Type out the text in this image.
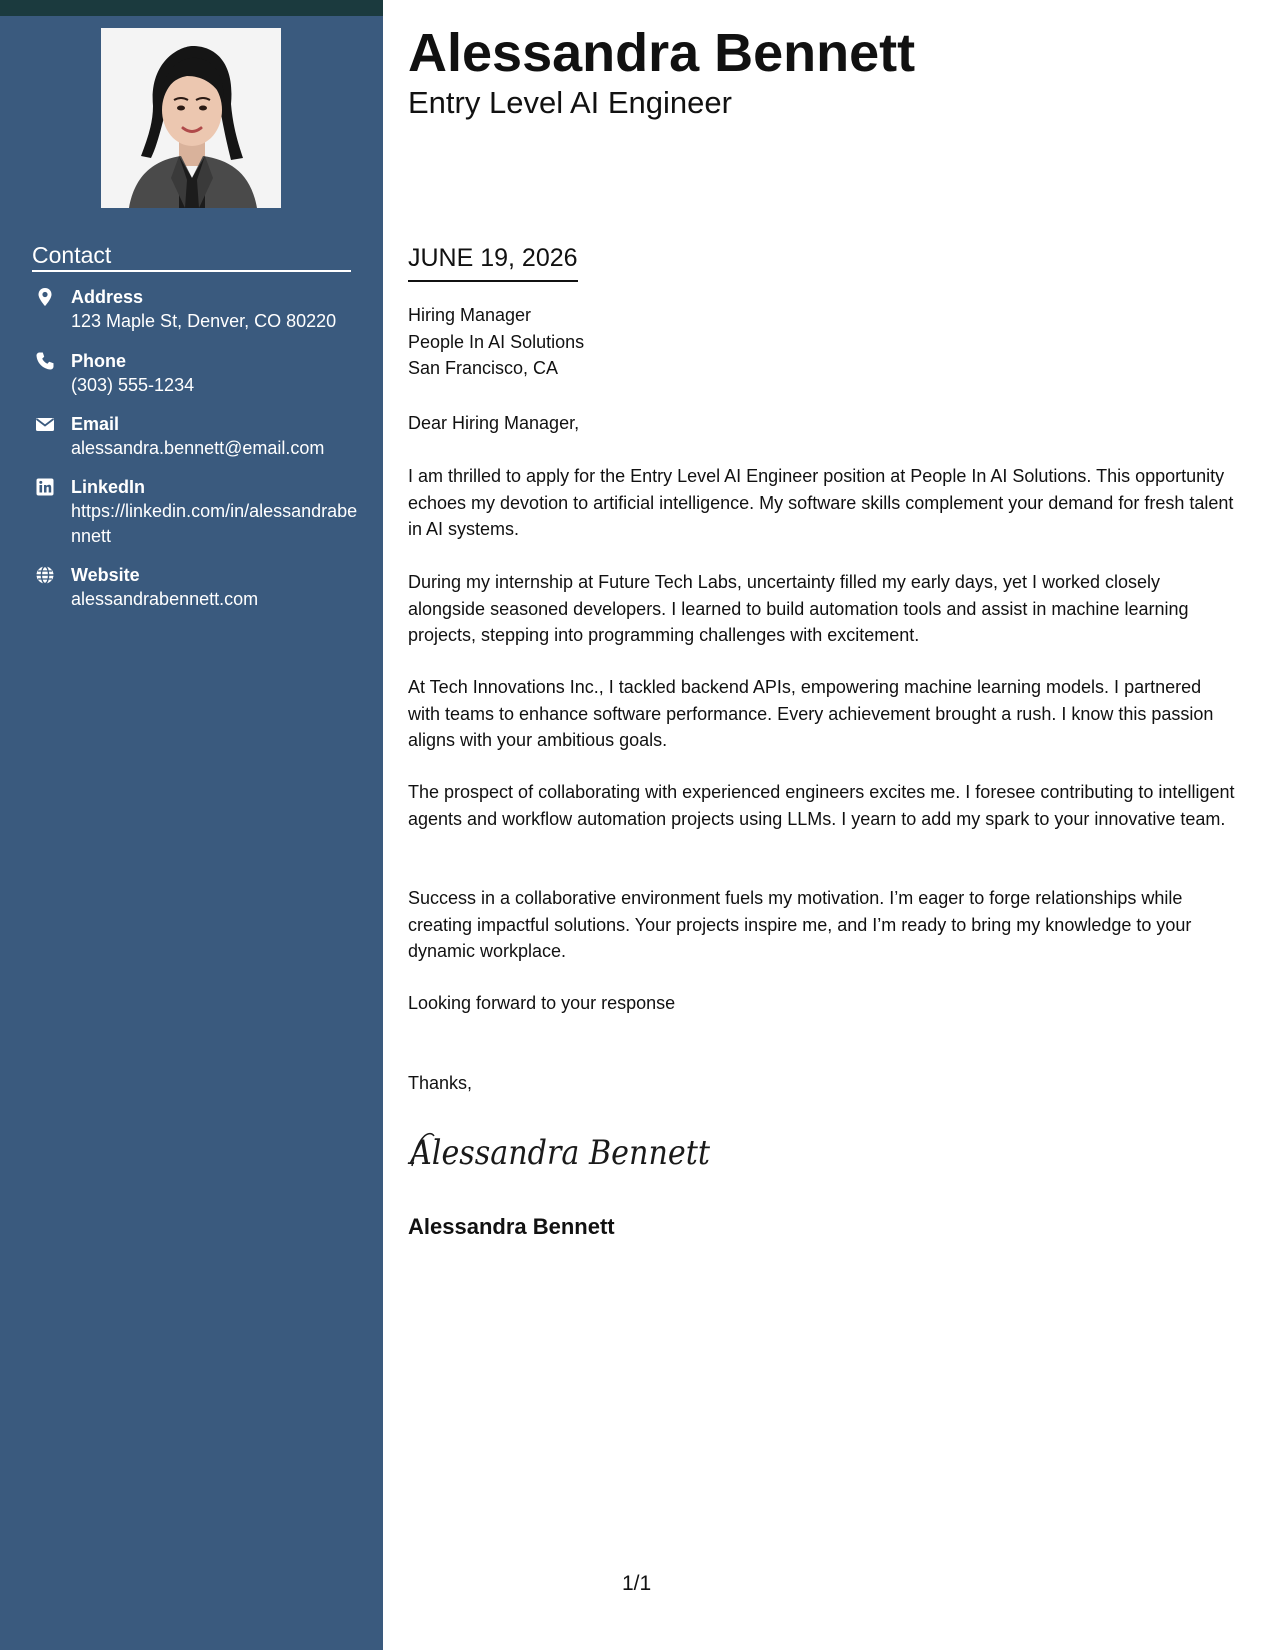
Contact
Address
123 Maple St, Denver, CO 80220
Phone
(303) 555-1234
Email
alessandra.bennett@email.com
LinkedIn
https://linkedin.com/in/alessandrabennett
Website
alessandrabennett.com
Alessandra Bennett
Entry Level AI Engineer
JUNE 19, 2026
Hiring Manager
People In AI Solutions
San Francisco, CA
Dear Hiring Manager,
I am thrilled to apply for the Entry Level AI Engineer position at People In AI Solutions. This opportunity echoes my devotion to artificial intelligence. My software skills complement your demand for fresh talent in AI systems.
During my internship at Future Tech Labs, uncertainty filled my early days, yet I worked closely alongside seasoned developers. I learned to build automation tools and assist in machine learning projects, stepping into programming challenges with excitement.
At Tech Innovations Inc., I tackled backend APIs, empowering machine learning models. I partnered with teams to enhance software performance. Every achievement brought a rush. I know this passion aligns with your ambitious goals.
The prospect of collaborating with experienced engineers excites me. I foresee contributing to intelligent agents and workflow automation projects using LLMs. I yearn to add my spark to your innovative team.
Success in a collaborative environment fuels my motivation. I’m eager to forge relationships while creating impactful solutions. Your projects inspire me, and I’m ready to bring my knowledge to your dynamic workplace.
Looking forward to your response
Thanks,
Alessandra Bennett
Alessandra Bennett
1/1
